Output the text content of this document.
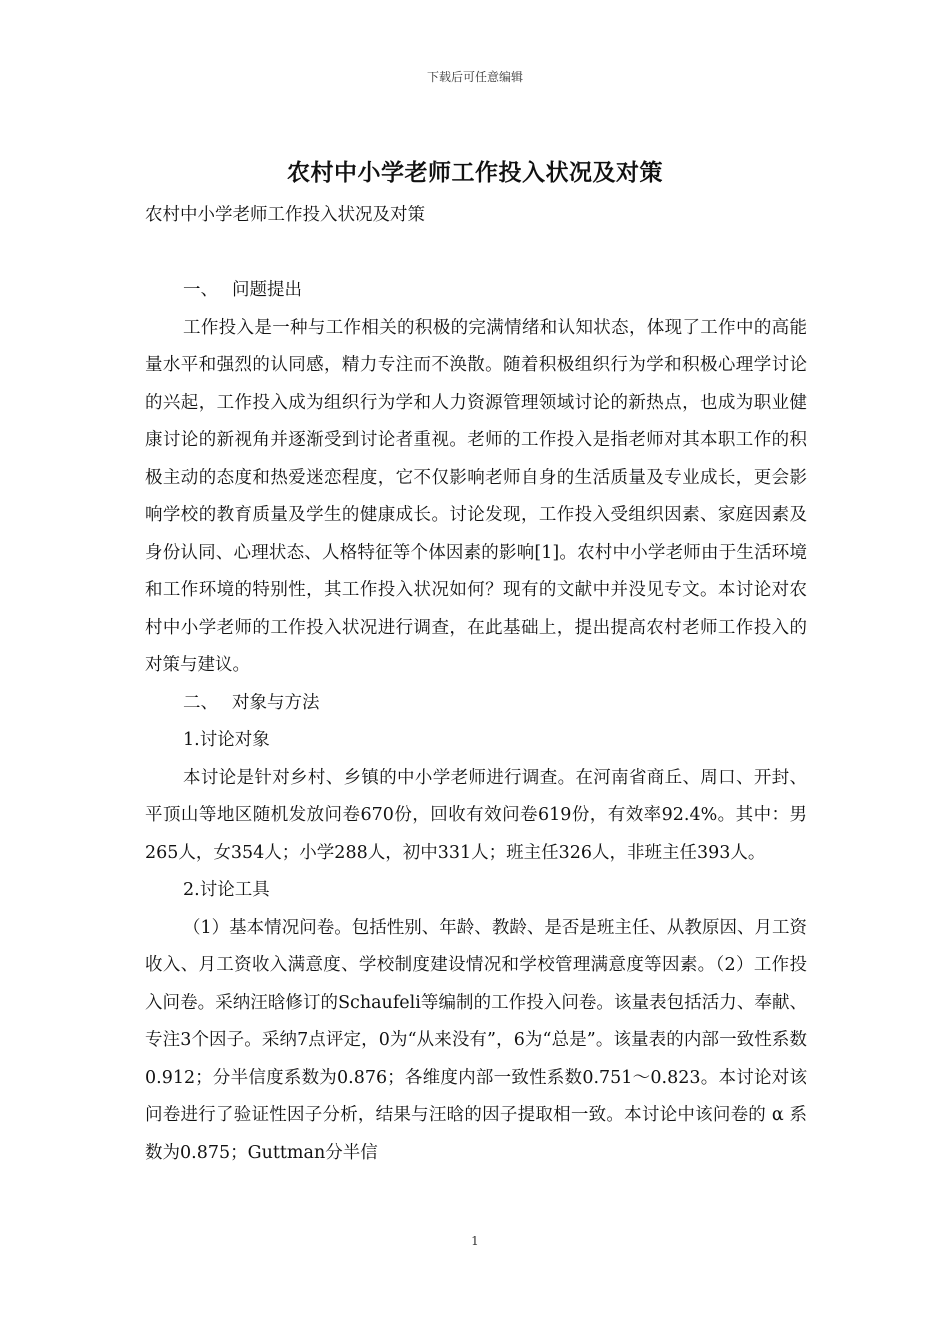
下载后可任意编辑
农村中小学老师工作投入状况及对策
农村中小学老师工作投入状况及对策

一、 问题提出

工作投入是一种与工作相关的积极的完满情绪和认知状态，体现了工作中的高能量水平和强烈的认同感，精力专注而不涣散。随着积极组织行为学和积极心理学讨论的兴起，工作投入成为组织行为学和人力资源管理领域讨论的新热点，也成为职业健康讨论的新视角并逐渐受到讨论者重视。老师的工作投入是指老师对其本职工作的积极主动的态度和热爱迷恋程度，它不仅影响老师自身的生活质量及专业成长，更会影响学校的教育质量及学生的健康成长。讨论发现，工作投入受组织因素、家庭因素及身份认同、心理状态、人格特征等个体因素的影响[1]。农村中小学老师由于生活环境和工作环境的特别性，其工作投入状况如何？现有的文献中并没见专文。本讨论对农村中小学老师的工作投入状况进行调查，在此基础上，提出提高农村老师工作投入的对策与建议。

二、 对象与方法

1.讨论对象

本讨论是针对乡村、乡镇的中小学老师进行调查。在河南省商丘、周口、开封、平顶山等地区随机发放问卷670份，回收有效问卷619份，有效率92.4%。其中：男265人，女354人；小学288人，初中331人；班主任326人，非班主任393人。

2.讨论工具

（1）基本情况问卷。包括性别、年龄、教龄、是否是班主任、从教原因、月工资收入、月工资收入满意度、学校制度建设情况和学校管理满意度等因素。（2）工作投入问卷。采纳汪晗修订的Schaufeli等编制的工作投入问卷。该量表包括活力、奉献、专注3个因子。采纳7点评定，0为“从来没有”，6为“总是”。该量表的内部一致性系数0.912；分半信度系数为0.876；各维度内部一致性系数0.751～0.823。本讨论对该问卷进行了验证性因子分析，结果与汪晗的因子提取相一致。本讨论中该问卷的 α 系数为0.875；Guttman分半信

1
